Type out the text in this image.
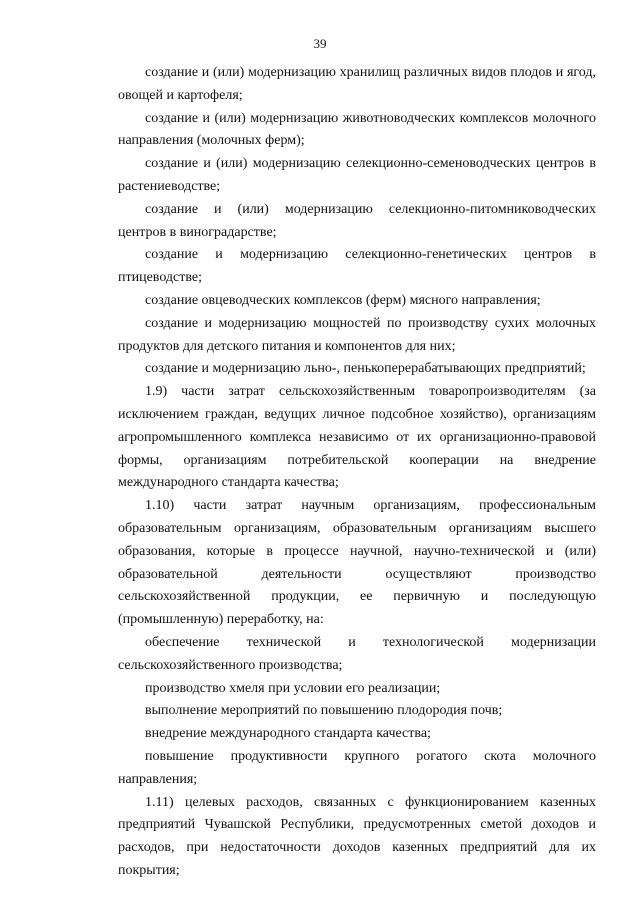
39

создание и (или) модернизацию хранилищ различных видов плодов и ягод, овощей и картофеля;

создание и (или) модернизацию животноводческих комплексов молочного направления (молочных ферм);

создание и (или) модернизацию селекционно-семеноводческих центров в растениеводстве;

создание и (или) модернизацию селекционно-питомниководческих центров в виноградарстве;

создание и модернизацию селекционно-генетических центров в птицеводстве;

создание овцеводческих комплексов (ферм) мясного направления;

создание и модернизацию мощностей по производству сухих молочных продуктов для детского питания и компонентов для них;

создание и модернизацию льно-, пенькоперерабатывающих предприятий;

1.9) части затрат сельскохозяйственным товаропроизводителям (за исключением граждан, ведущих личное подсобное хозяйство), организациям агропромышленного комплекса независимо от их организационно-правовой формы, организациям потребительской кооперации на внедрение международного стандарта качества;

1.10) части затрат научным организациям, профессиональным образовательным организациям, образовательным организациям высшего образования, которые в процессе научной, научно-технической и (или) образовательной деятельности осуществляют производство сельскохозяйственной продукции, ее первичную и последующую (промышленную) переработку, на:

обеспечение технической и технологической модернизации сельскохозяйственного производства;

производство хмеля при условии его реализации;

выполнение мероприятий по повышению плодородия почв;

внедрение международного стандарта качества;

повышение продуктивности крупного рогатого скота молочного направления;

1.11) целевых расходов, связанных с функционированием казенных предприятий Чувашской Республики, предусмотренных сметой доходов и расходов, при недостаточности доходов казенных предприятий для их покрытия;
